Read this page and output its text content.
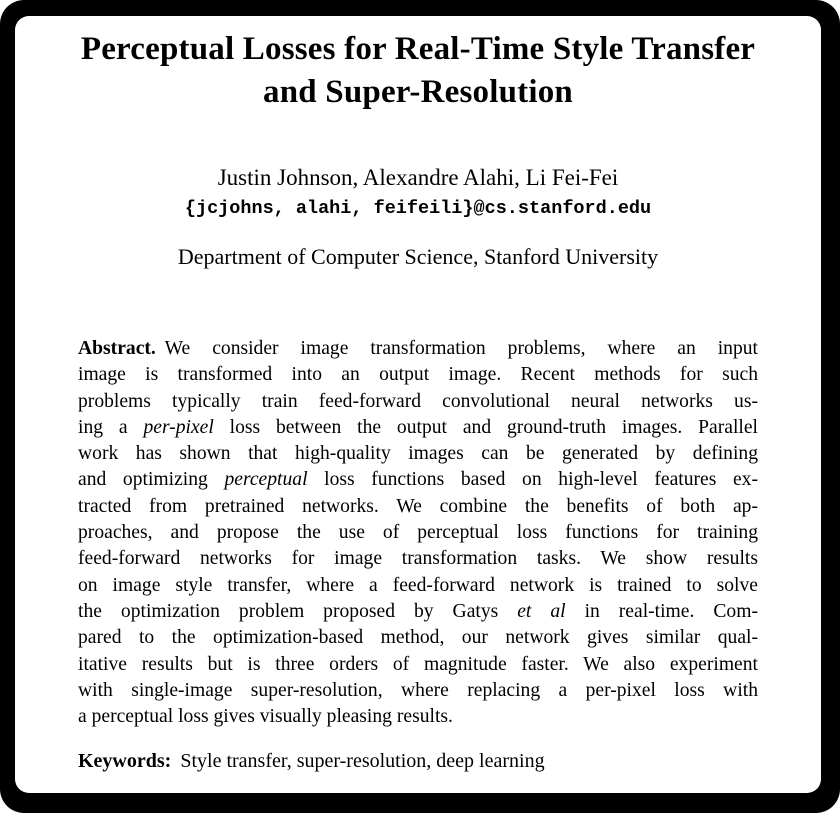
Perceptual Losses for Real-Time Style Transfer
and Super-Resolution
Justin Johnson, Alexandre Alahi, Li Fei-Fei
{jcjohns, alahi, feifeili}@cs.stanford.edu
Department of Computer Science, Stanford University
Abstract. We consider image transformation problems, where an input
image is transformed into an output image. Recent methods for such
problems typically train feed-forward convolutional neural networks us-
ing a per-pixel loss between the output and ground-truth images. Parallel
work has shown that high-quality images can be generated by defining
and optimizing perceptual loss functions based on high-level features ex-
tracted from pretrained networks. We combine the benefits of both ap-
proaches, and propose the use of perceptual loss functions for training
feed-forward networks for image transformation tasks. We show results
on image style transfer, where a feed-forward network is trained to solve
the optimization problem proposed by Gatys et al in real-time. Com-
pared to the optimization-based method, our network gives similar qual-
itative results but is three orders of magnitude faster. We also experiment
with single-image super-resolution, where replacing a per-pixel loss with
a perceptual loss gives visually pleasing results.
Keywords: Style transfer, super-resolution, deep learning
